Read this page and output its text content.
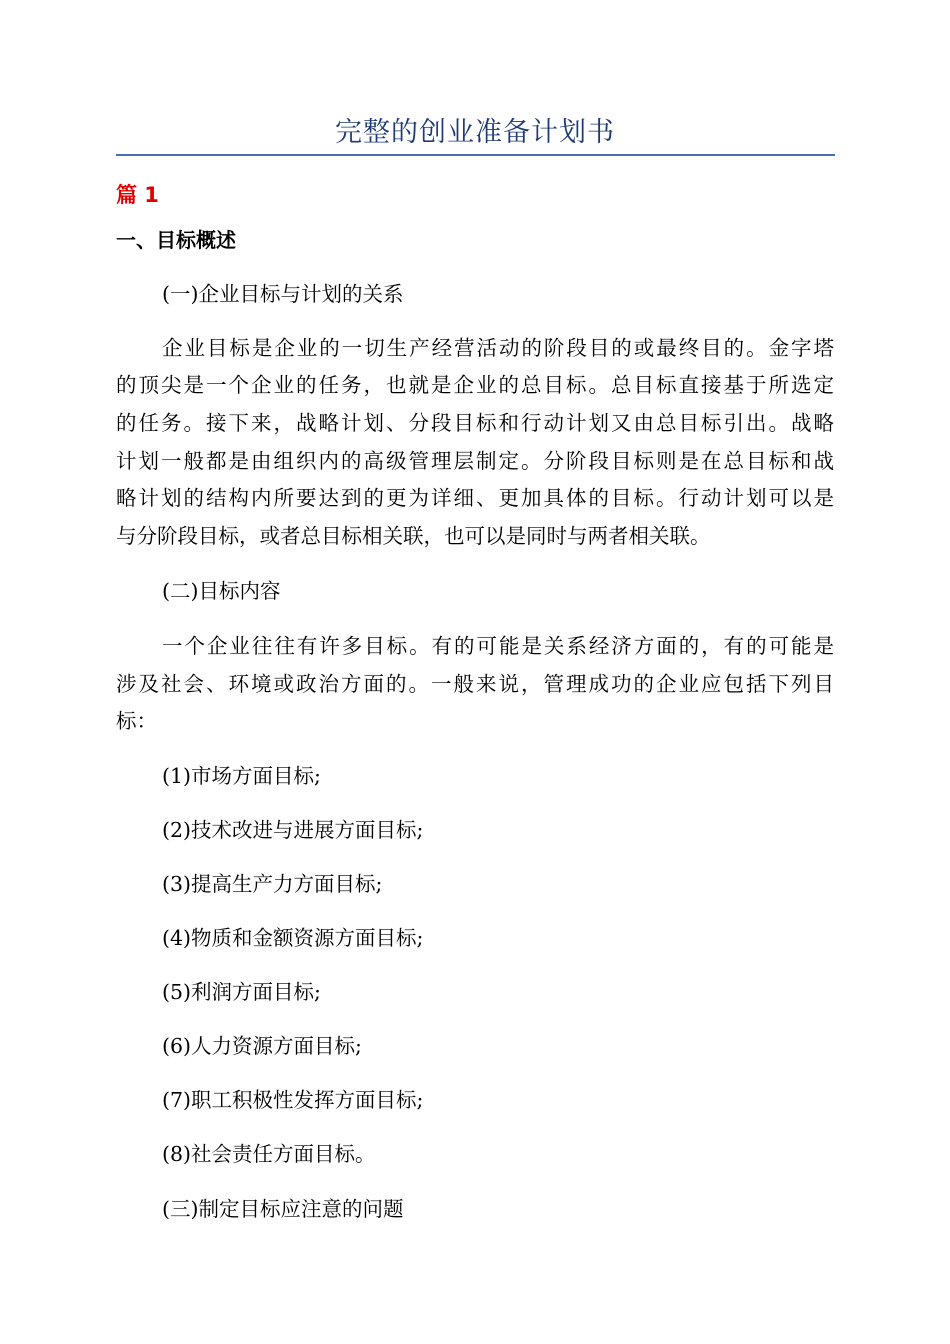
完整的创业准备计划书
篇 1
一、目标概述
(一)企业目标与计划的关系
企业目标是企业的一切生产经营活动的阶段目的或最终目的。金字塔
的顶尖是一个企业的任务，也就是企业的总目标。总目标直接基于所选定
的任务。接下来，战略计划、分段目标和行动计划又由总目标引出。战略
计划一般都是由组织内的高级管理层制定。分阶段目标则是在总目标和战
略计划的结构内所要达到的更为详细、更加具体的目标。行动计划可以是
与分阶段目标，或者总目标相关联，也可以是同时与两者相关联。
(二)目标内容
一个企业往往有许多目标。有的可能是关系经济方面的，有的可能是
涉及社会、环境或政治方面的。一般来说，管理成功的企业应包括下列目
标：
(1)市场方面目标;
(2)技术改进与进展方面目标;
(3)提高生产力方面目标;
(4)物质和金额资源方面目标;
(5)利润方面目标;
(6)人力资源方面目标;
(7)职工积极性发挥方面目标;
(8)社会责任方面目标。
(三)制定目标应注意的问题
